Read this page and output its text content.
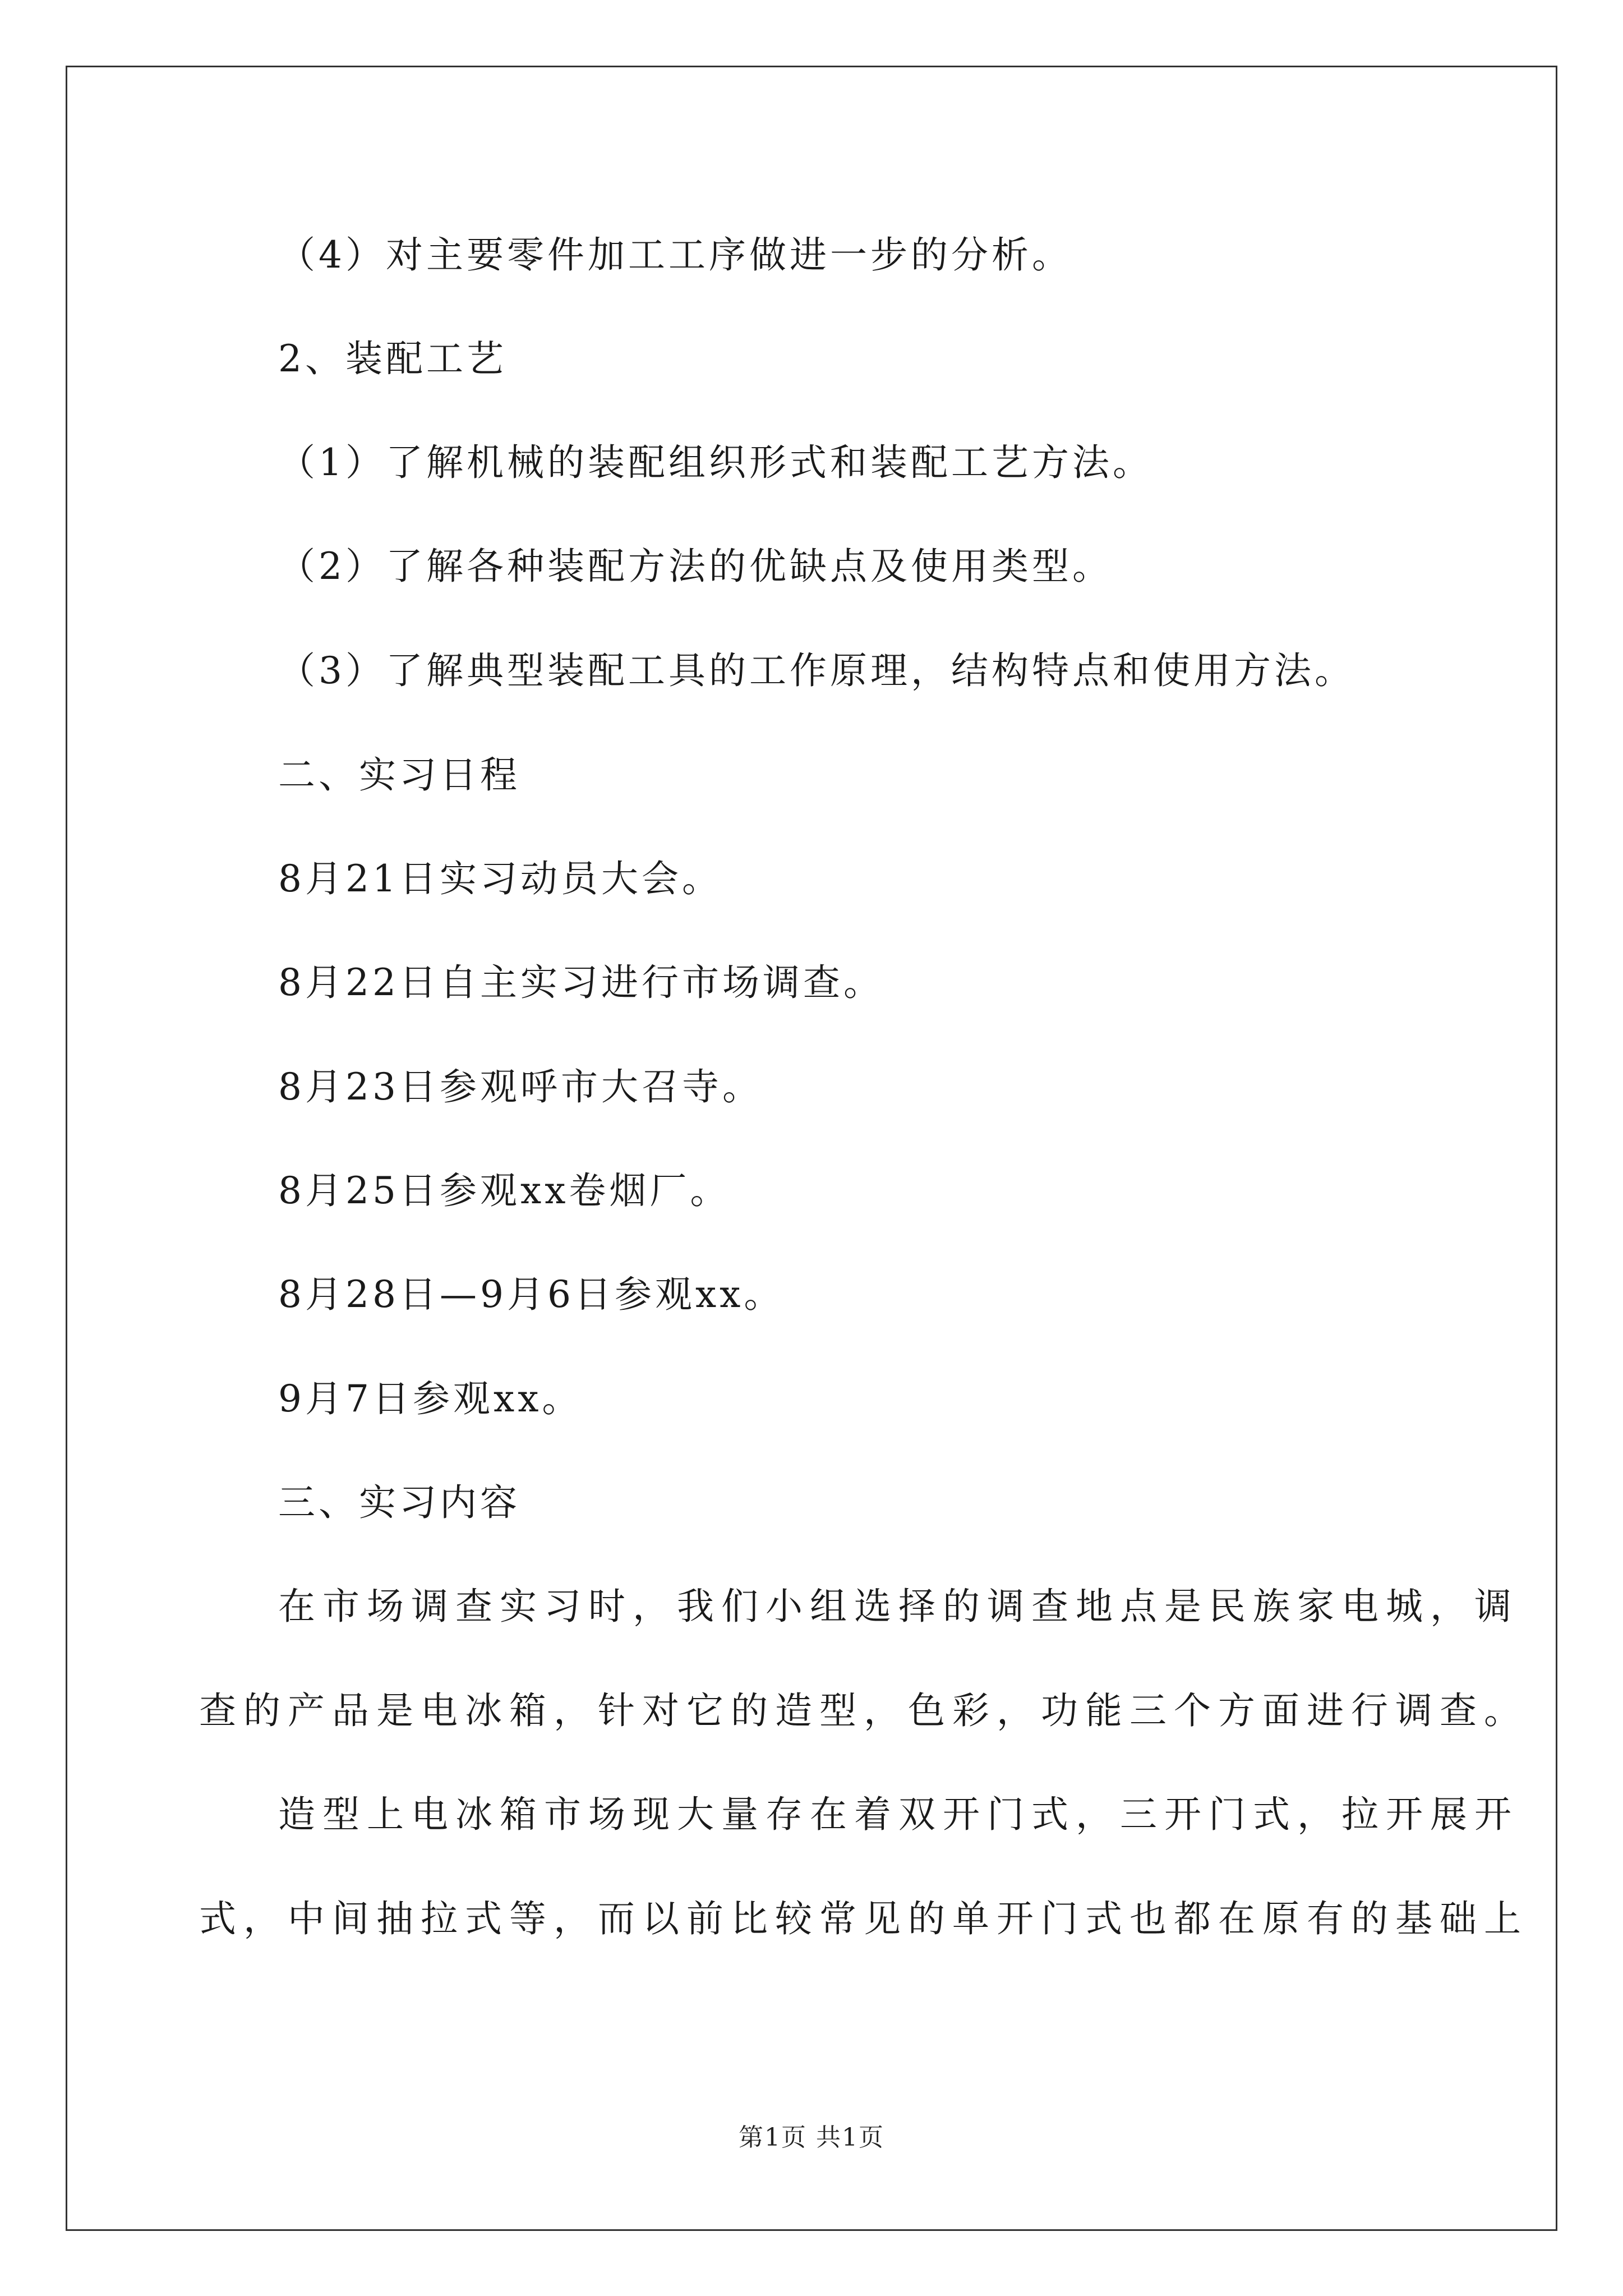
（4）对主要零件加工工序做进一步的分析。
2、装配工艺
（1）了解机械的装配组织形式和装配工艺方法。
（2）了解各种装配方法的优缺点及使用类型。
（3）了解典型装配工具的工作原理，结构特点和使用方法。
二、实习日程
8月21日实习动员大会。
8月22日自主实习进行市场调查。
8月23日参观呼市大召寺。
8月25日参观xx卷烟厂。
8月28日—9月6日参观xx。
9月7日参观xx。
三、实习内容
在市场调查实习时，我们小组选择的调查地点是民族家电城，调
查的产品是电冰箱，针对它的造型，色彩，功能三个方面进行调查。
造型上电冰箱市场现大量存在着双开门式，三开门式，拉开展开
式，中间抽拉式等，而以前比较常见的单开门式也都在原有的基础上
第1页 共1页
